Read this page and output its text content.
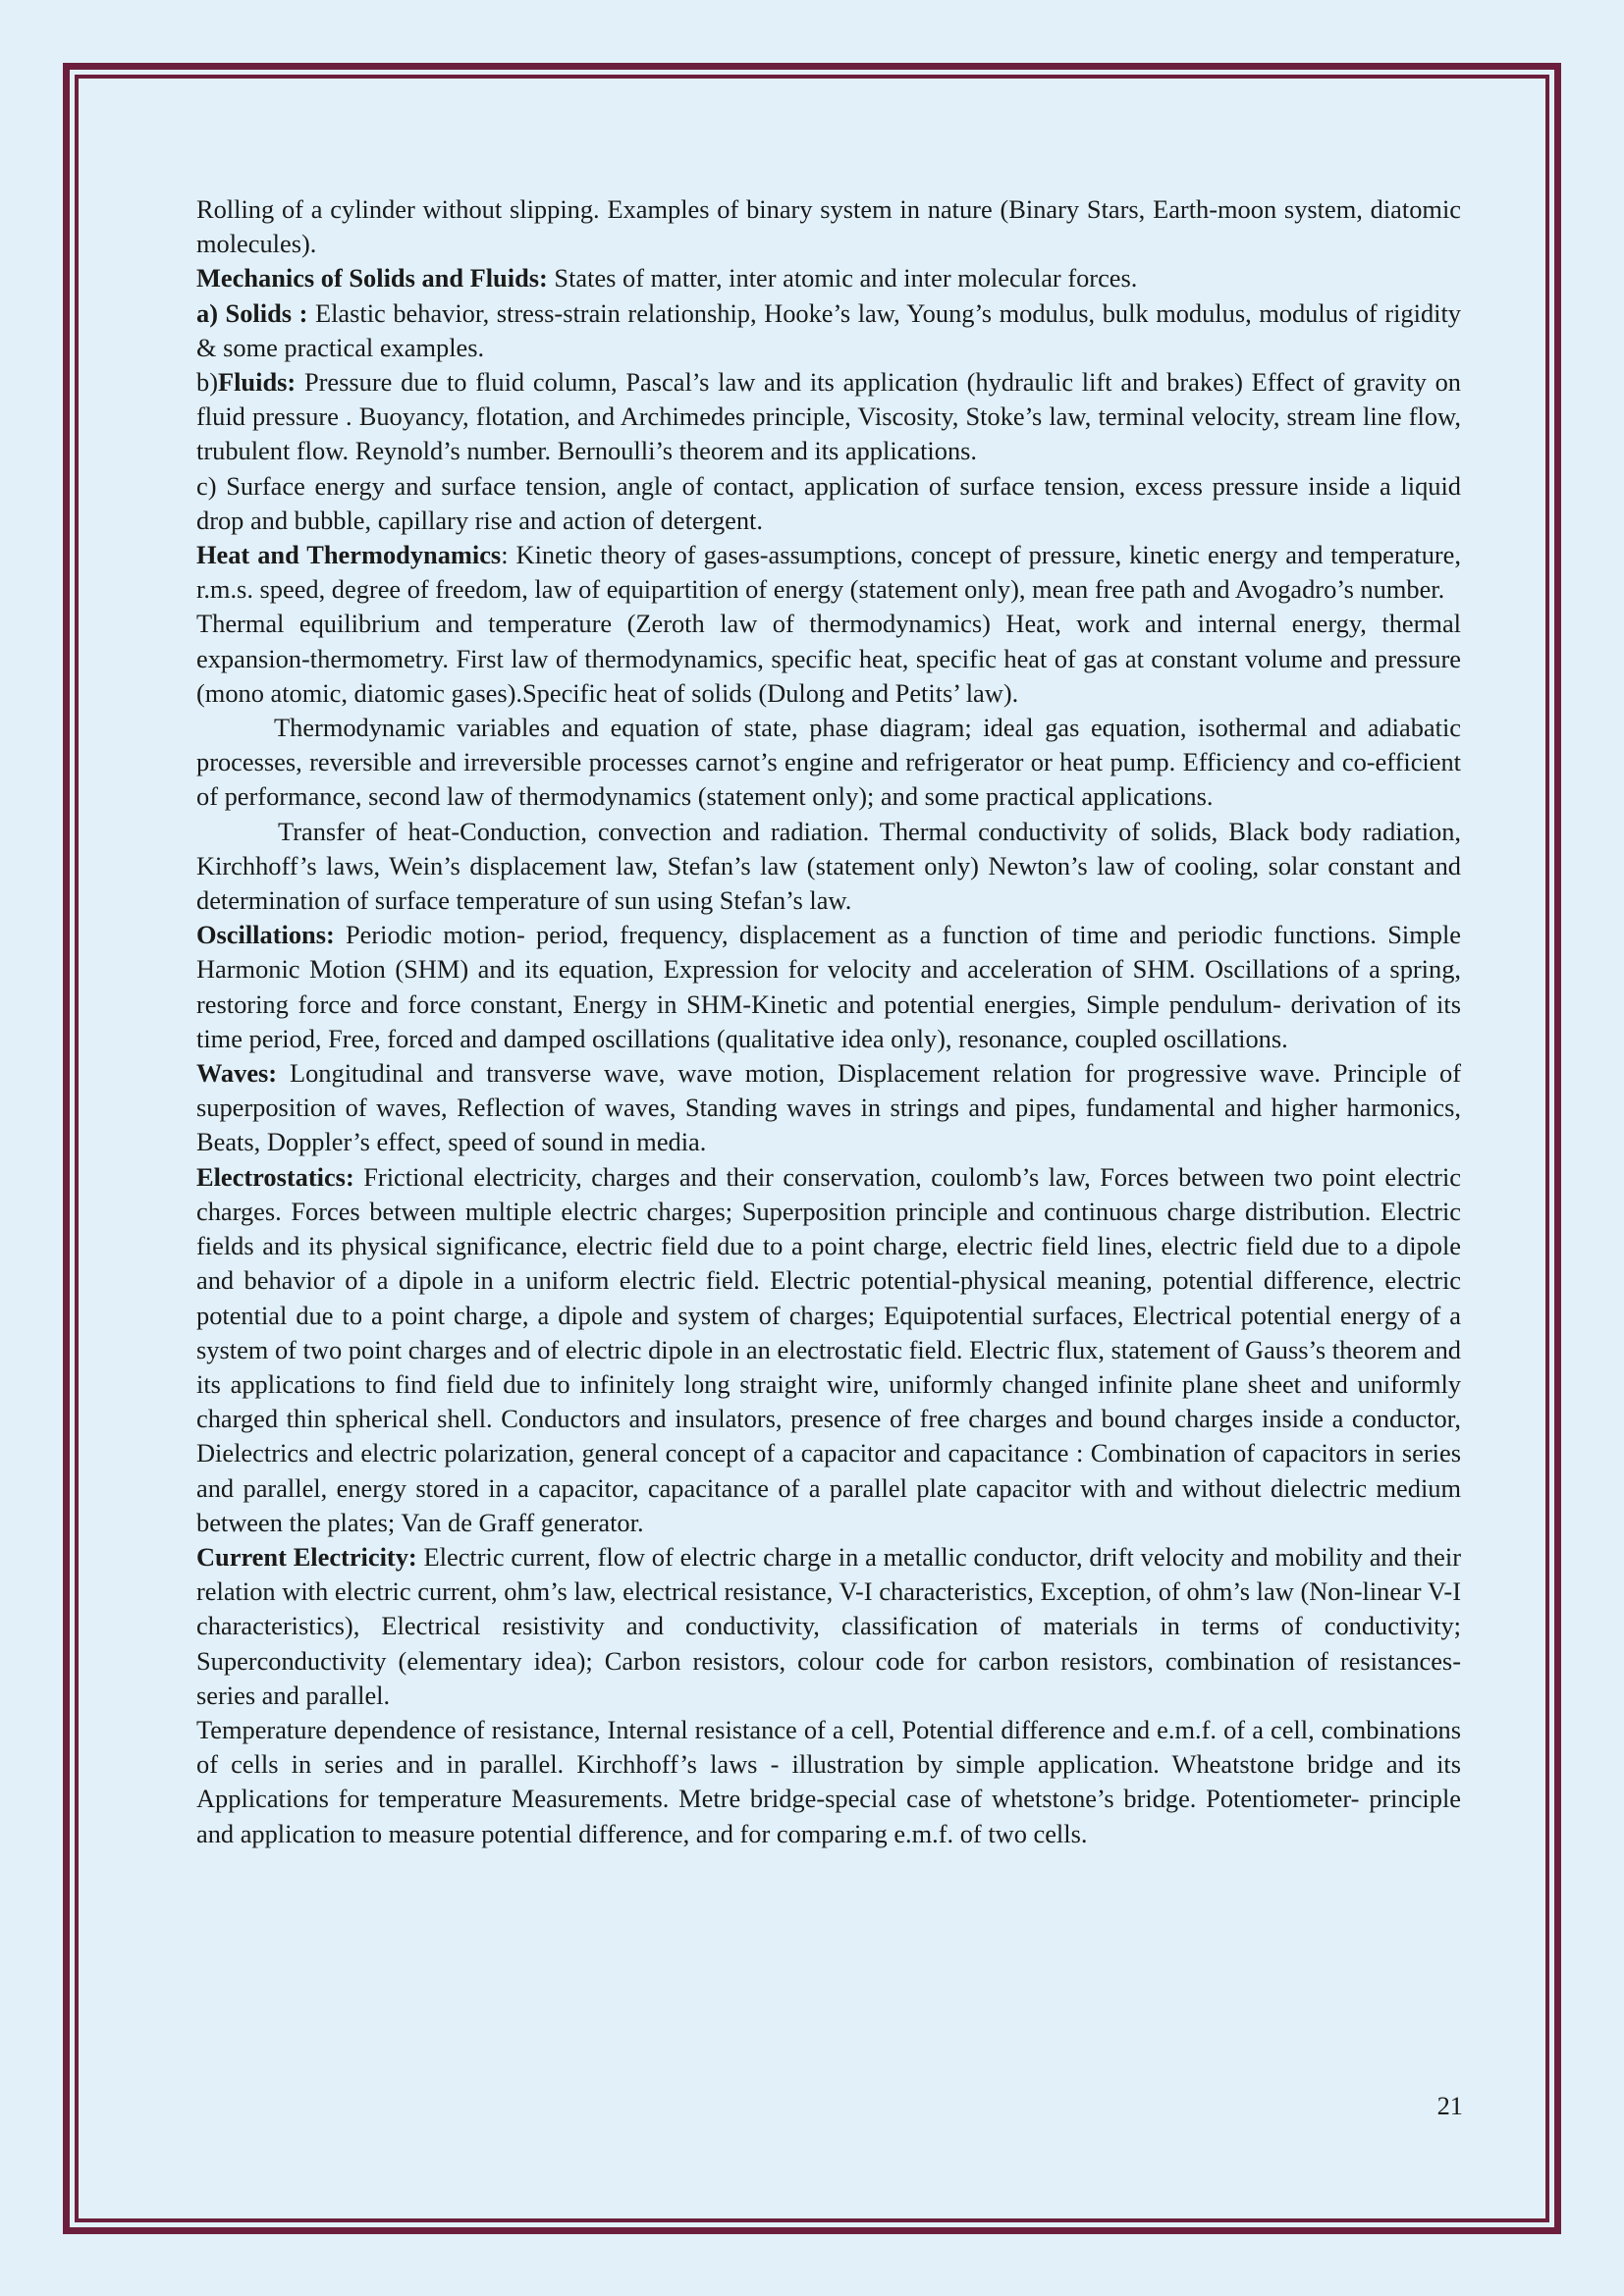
Rolling of a cylinder without slipping. Examples of binary system in nature (Binary Stars, Earth-moon system, diatomic molecules).

Mechanics of Solids and Fluids: States of matter, inter atomic and inter molecular forces.

a) Solids : Elastic behavior, stress-strain relationship, Hooke’s law, Young’s modulus, bulk modulus, modulus of rigidity & some practical examples.

b)Fluids: Pressure due to fluid column, Pascal’s law and its application (hydraulic lift and brakes) Effect of gravity on fluid pressure . Buoyancy, flotation, and Archimedes principle, Viscosity, Stoke’s law, terminal velocity, stream line flow, trubulent flow. Reynold’s number. Bernoulli’s theorem and its applications.

c) Surface energy and surface tension, angle of contact, application of surface tension, excess pressure inside a liquid drop and bubble, capillary rise and action of detergent.

Heat and Thermodynamics: Kinetic theory of gases-assumptions, concept of pressure, kinetic energy and temperature, r.m.s. speed, degree of freedom, law of equipartition of energy (statement only), mean free path and Avogadro’s number.

Thermal equilibrium and temperature (Zeroth law of thermodynamics) Heat, work and internal energy, thermal expansion-thermometry. First law of thermodynamics, specific heat, specific heat of gas at constant volume and pressure (mono atomic, diatomic gases).Specific heat of solids (Dulong and Petits’ law).

Thermodynamic variables and equation of state, phase diagram; ideal gas equation, isothermal and adiabatic processes, reversible and irreversible processes carnot’s engine and refrigerator or heat pump. Efficiency and co-efficient of performance, second law of thermodynamics (statement only); and some practical applications.

Transfer of heat-Conduction, convection and radiation. Thermal conductivity of solids, Black body radiation, Kirchhoff’s laws, Wein’s displacement law, Stefan’s law (statement only) Newton’s law of cooling, solar constant and determination of surface temperature of sun using Stefan’s law.

Oscillations: Periodic motion- period, frequency, displacement as a function of time and periodic functions. Simple Harmonic Motion (SHM) and its equation, Expression for velocity and acceleration of SHM. Oscillations of a spring, restoring force and force constant, Energy in SHM-Kinetic and potential energies, Simple pendulum- derivation of its time period, Free, forced and damped oscillations (qualitative idea only), resonance, coupled oscillations.

Waves: Longitudinal and transverse wave, wave motion, Displacement relation for progressive wave. Principle of superposition of waves, Reflection of waves, Standing waves in strings and pipes, fundamental and higher harmonics, Beats, Doppler’s effect, speed of sound in media.

Electrostatics: Frictional electricity, charges and their conservation, coulomb’s law, Forces between two point electric charges. Forces between multiple electric charges; Superposition principle and continuous charge distribution. Electric fields and its physical significance, electric field due to a point charge, electric field lines, electric field due to a dipole and behavior of a dipole in a uniform electric field. Electric potential-physical meaning, potential difference, electric potential due to a point charge, a dipole and system of charges; Equipotential surfaces, Electrical potential energy of a system of two point charges and of electric dipole in an electrostatic field. Electric flux, statement of Gauss’s theorem and its applications to find field due to infinitely long straight wire, uniformly changed infinite plane sheet and uniformly charged thin spherical shell. Conductors and insulators, presence of free charges and bound charges inside a conductor, Dielectrics and electric polarization, general concept of a capacitor and capacitance : Combination of capacitors in series and parallel, energy stored in a capacitor, capacitance of a parallel plate capacitor with and without dielectric medium between the plates; Van de Graff generator.

Current Electricity: Electric current, flow of electric charge in a metallic conductor, drift velocity and mobility and their relation with electric current, ohm’s law, electrical resistance, V-I characteristics, Exception, of ohm’s law (Non-linear V-I characteristics), Electrical resistivity and conductivity, classification of materials in terms of conductivity; Superconductivity (elementary idea); Carbon resistors, colour code for carbon resistors, combination of resistances- series and parallel.

Temperature dependence of resistance, Internal resistance of a cell, Potential difference and e.m.f. of a cell, combinations of cells in series and in parallel. Kirchhoff’s laws - illustration by simple application. Wheatstone bridge and its Applications for temperature Measurements. Metre bridge-special case of whetstone’s bridge. Potentiometer- principle and application to measure potential difference, and for comparing e.m.f. of two cells.

21
